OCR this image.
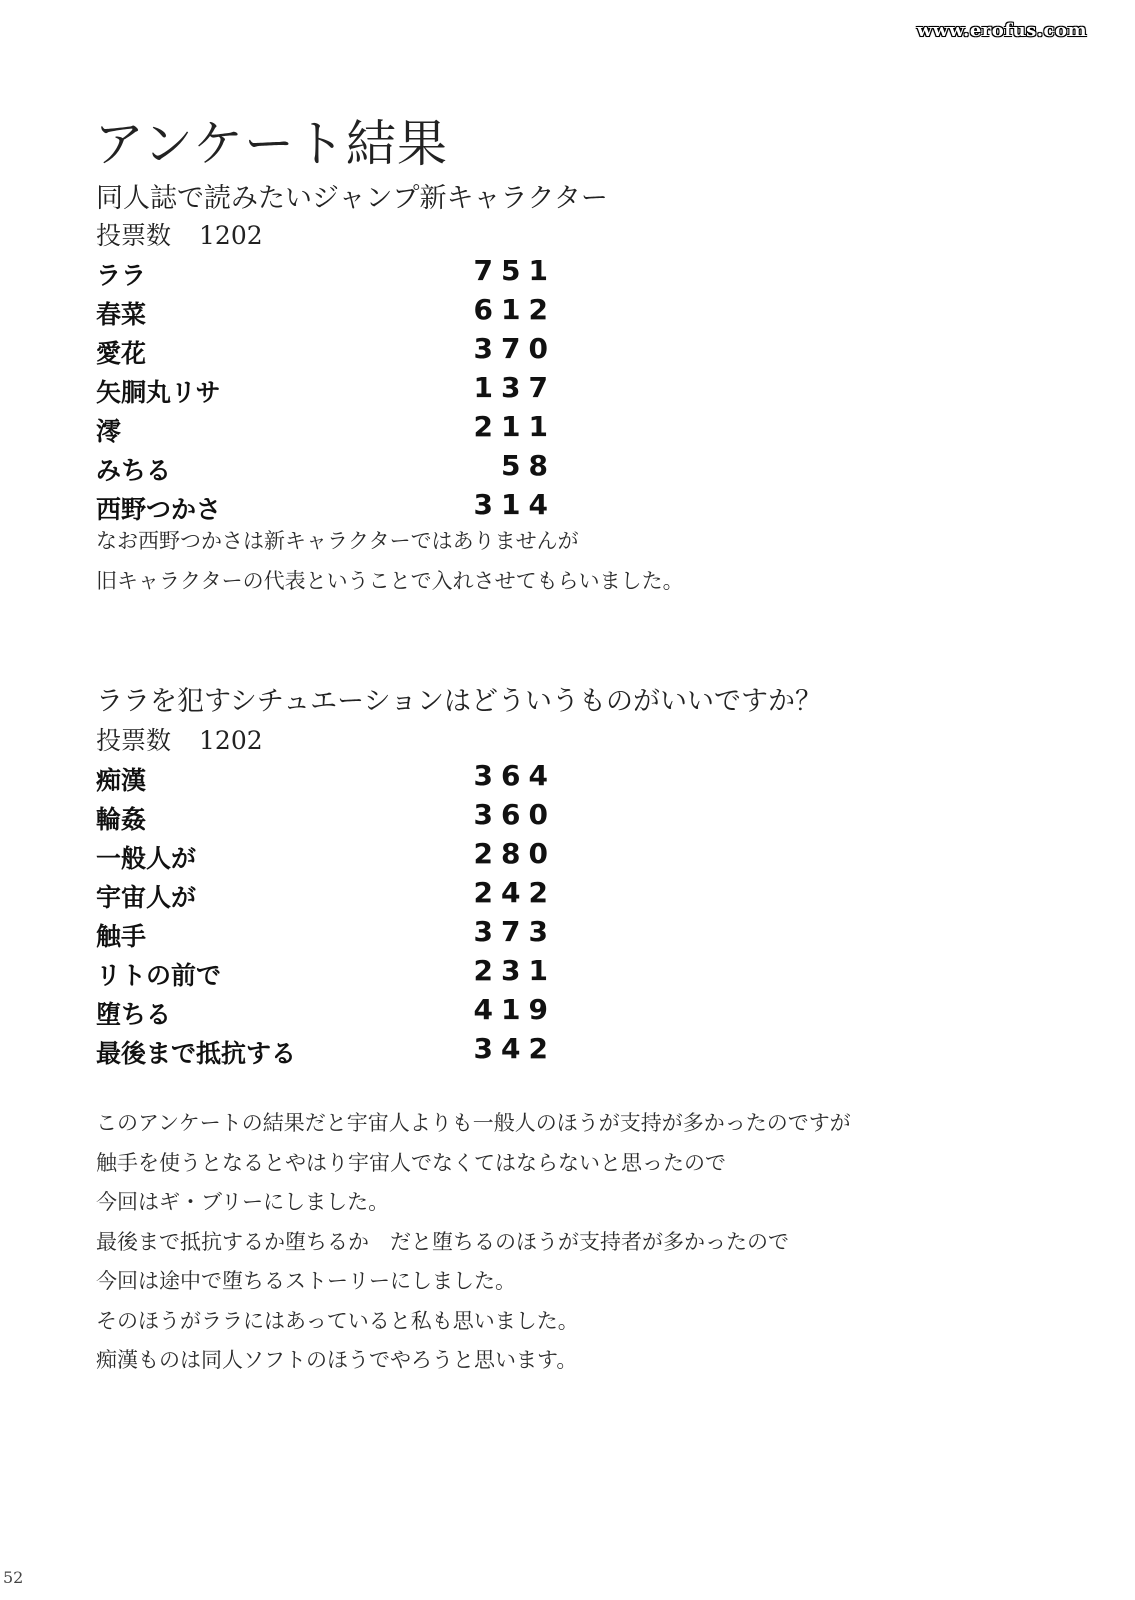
www.erofus.com
アンケート結果
同人誌で読みたいジャンプ新キャラクター
投票数 1202
ララ	751
春菜	612
愛花	370
矢胴丸リサ	137
澪	211
みちる	58
西野つかさ	314
なお西野つかさは新キャラクターではありませんが
旧キャラクターの代表ということで入れさせてもらいました。
ララを犯すシチュエーションはどういうものがいいですか？
投票数 1202
痴漢	364
輪姦	360
一般人が	280
宇宙人が	242
触手	373
リトの前で	231
堕ちる	419
最後まで抵抗する	342
このアンケートの結果だと宇宙人よりも一般人のほうが支持が多かったのですが
触手を使うとなるとやはり宇宙人でなくてはならないと思ったので
今回はギ・ブリーにしました。
最後まで抵抗するか堕ちるか　だと堕ちるのほうが支持者が多かったので
今回は途中で堕ちるストーリーにしました。
そのほうがララにはあっていると私も思いました。
痴漢ものは同人ソフトのほうでやろうと思います。
52
